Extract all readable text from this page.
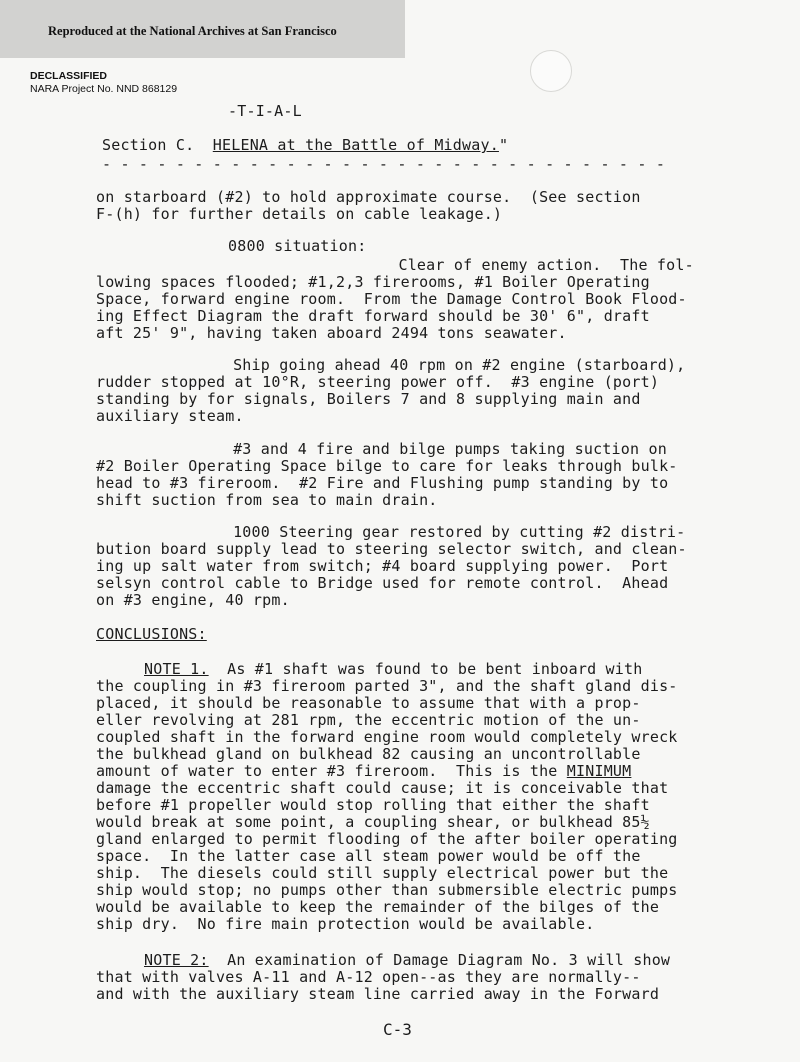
Reproduced at the National Archives at San Francisco
DECLASSIFIED
NARA Project No. NND 868129
-T-I-A-L
Section C. HELENA at the Battle of Midway."
- - - - - - - - - - - - - - - - - - - - - - - - - - - - - - -
on starboard (#2) to hold approximate course.  (See section
F-(h) for further details on cable leakage.)
0800 situation:
Clear of enemy action.  The fol-
lowing spaces flooded; #1,2,3 firerooms, #1 Boiler Operating
Space, forward engine room.  From the Damage Control Book Flood-
ing Effect Diagram the draft forward should be 30' 6", draft
aft 25' 9", having taken aboard 2494 tons seawater.
Ship going ahead 40 rpm on #2 engine (starboard),
rudder stopped at 10°R, steering power off.  #3 engine (port)
standing by for signals, Boilers 7 and 8 supplying main and
auxiliary steam.
#3 and 4 fire and bilge pumps taking suction on
#2 Boiler Operating Space bilge to care for leaks through bulk-
head to #3 fireroom.  #2 Fire and Flushing pump standing by to
shift suction from sea to main drain.
1000 Steering gear restored by cutting #2 distri-
bution board supply lead to steering selector switch, and clean-
ing up salt water from switch; #4 board supplying power.  Port
selsyn control cable to Bridge used for remote control.  Ahead
on #3 engine, 40 rpm.
CONCLUSIONS:
NOTE 1.  As #1 shaft was found to be bent inboard with
the coupling in #3 fireroom parted 3", and the shaft gland dis-
placed, it should be reasonable to assume that with a prop-
eller revolving at 281 rpm, the eccentric motion of the un-
coupled shaft in the forward engine room would completely wreck
the bulkhead gland on bulkhead 82 causing an uncontrollable
amount of water to enter #3 fireroom.  This is the MINIMUM
damage the eccentric shaft could cause; it is conceivable that
before #1 propeller would stop rolling that either the shaft
would break at some point, a coupling shear, or bulkhead 85½
gland enlarged to permit flooding of the after boiler operating
space.  In the latter case all steam power would be off the
ship.  The diesels could still supply electrical power but the
ship would stop; no pumps other than submersible electric pumps
would be available to keep the remainder of the bilges of the
ship dry.  No fire main protection would be available.
NOTE 2:  An examination of Damage Diagram No. 3 will show
that with valves A-11 and A-12 open--as they are normally--
and with the auxiliary steam line carried away in the Forward
C-3
